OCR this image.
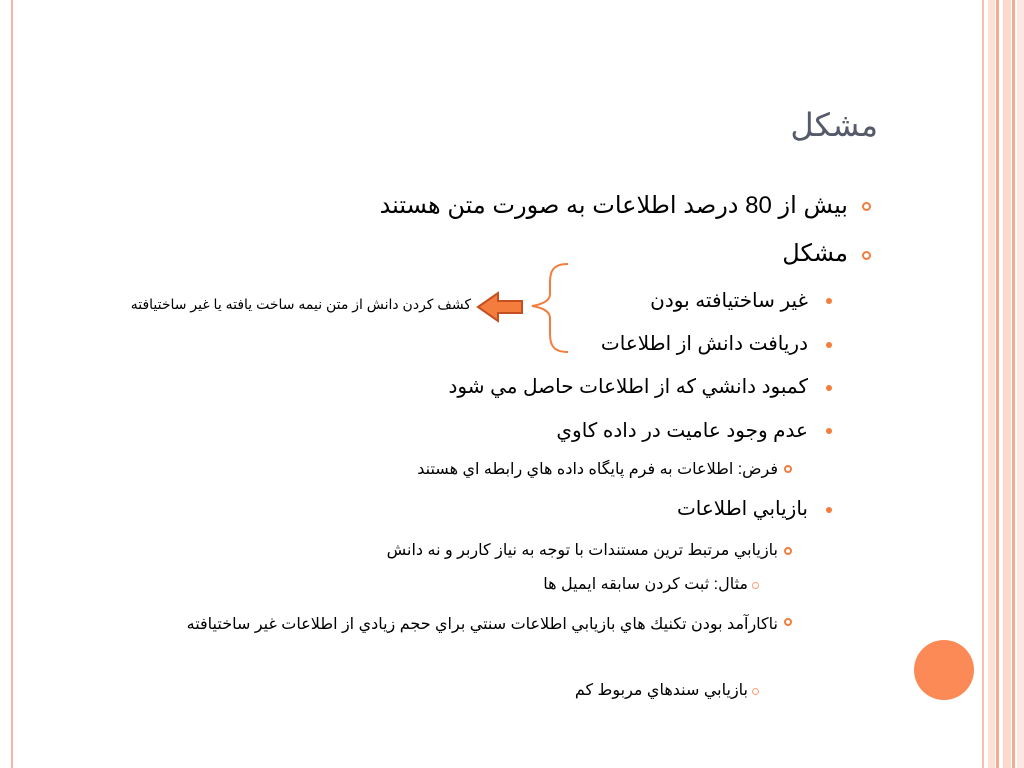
مشكل
بيش از 80 درصد اطلاعات به صورت متن هستند
مشكل
غير ساختيافته بودن
دريافت دانش از اطلاعات
كمبود دانشي كه از اطلاعات حاصل مي شود
عدم وجود عاميت در داده كاوي
فرض: اطلاعات به فرم پايگاه داده هاي رابطه اي هستند
بازيابي اطلاعات
بازيابي مرتبط ترين مستندات با توجه به نياز كاربر و نه دانش
مثال: ثبت كردن سابقه ايميل ها
ناكارآمد بودن تكنيك هاي بازيابي اطلاعات سنتي براي حجم زيادي از اطلاعات غير ساختيافته
بازيابي سندهاي مربوط كم
كشف كردن دانش از متن نيمه ساخت يافته يا غير ساختيافته
